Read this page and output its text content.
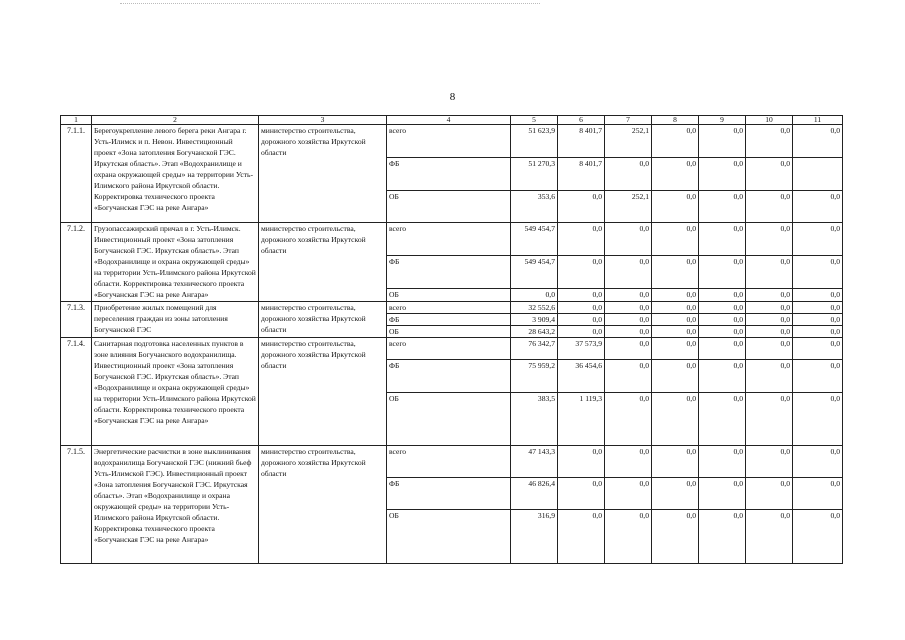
8
1	2	3	4	5	6	7	8	9	10	11
7.1.1.	Берегоукрепление левого берега реки Ангара г. Усть-Илимск и п. Невон. Инвестиционный проект «Зона затопления Богучанской ГЭС. Иркутская область». Этап «Водохранилище и охрана окружающей среды» на территории Усть-Илимского района Иркутской области. Корректировка технического проекта «Богучанская ГЭС на реке Ангара»	министерство строительства, дорожного хозяйства Иркутской области	всего	51 623,9	8 401,7	252,1	0,0	0,0	0,0	0,0
			ФБ	51 270,3	8 401,7	0,0	0,0	0,0	0,0	
			ОБ	353,6	0,0	252,1	0,0	0,0	0,0	0,0
7.1.2.	Грузопассажирский причал в г. Усть-Илимск. Инвестиционный проект «Зона затопления Богучанской ГЭС. Иркутская область». Этап «Водохранилище и охрана окружающей среды» на территории Усть-Илимского района Иркутской области. Корректировка технического проекта «Богучанская ГЭС на реке Ангара»	министерство строительства, дорожного хозяйства Иркутской области	всего	549 454,7	0,0	0,0	0,0	0,0	0,0	0,0
			ФБ	549 454,7	0,0	0,0	0,0	0,0	0,0	0,0
			ОБ	0,0	0,0	0,0	0,0	0,0	0,0	0,0
7.1.3.	Приобретение жилых помещений для переселения граждан из зоны затопления Богучанской ГЭС	министерство строительства, дорожного хозяйства Иркутской области	всего	32 552,6	0,0	0,0	0,0	0,0	0,0	0,0
			ФБ	3 909,4	0,0	0,0	0,0	0,0	0,0	0,0
			ОБ	28 643,2	0,0	0,0	0,0	0,0	0,0	0,0
7.1.4.	Санитарная подготовка населенных пунктов в зоне влияния Богучанского водохранилища. Инвестиционный проект «Зона затопления Богучанской ГЭС. Иркутская область». Этап «Водохранилище и охрана окружающей среды» на территории Усть-Илимского района Иркутской области. Корректировка технического проекта «Богучанская ГЭС на реке Ангара»	министерство строительства, дорожного хозяйства Иркутской области	всего	76 342,7	37 573,9	0,0	0,0	0,0	0,0	0,0
			ФБ	75 959,2	36 454,6	0,0	0,0	0,0	0,0	0,0
			ОБ	383,5	1 119,3	0,0	0,0	0,0	0,0	0,0
7.1.5.	Энергетические расчистки в зоне выклинивания водохранилища Богучанской ГЭС (нижний бьеф Усть-Илимской ГЭС). Инвестиционный проект «Зона затопления Богучанской ГЭС. Иркутская область». Этап «Водохранилище и охрана окружающей среды» на территории Усть-Илимского района Иркутской области. Корректировка технического проекта «Богучанская ГЭС на реке Ангара»	министерство строительства, дорожного хозяйства Иркутской области	всего	47 143,3	0,0	0,0	0,0	0,0	0,0	0,0
			ФБ	46 826,4	0,0	0,0	0,0	0,0	0,0	0,0
			ОБ	316,9	0,0	0,0	0,0	0,0	0,0	0,0
